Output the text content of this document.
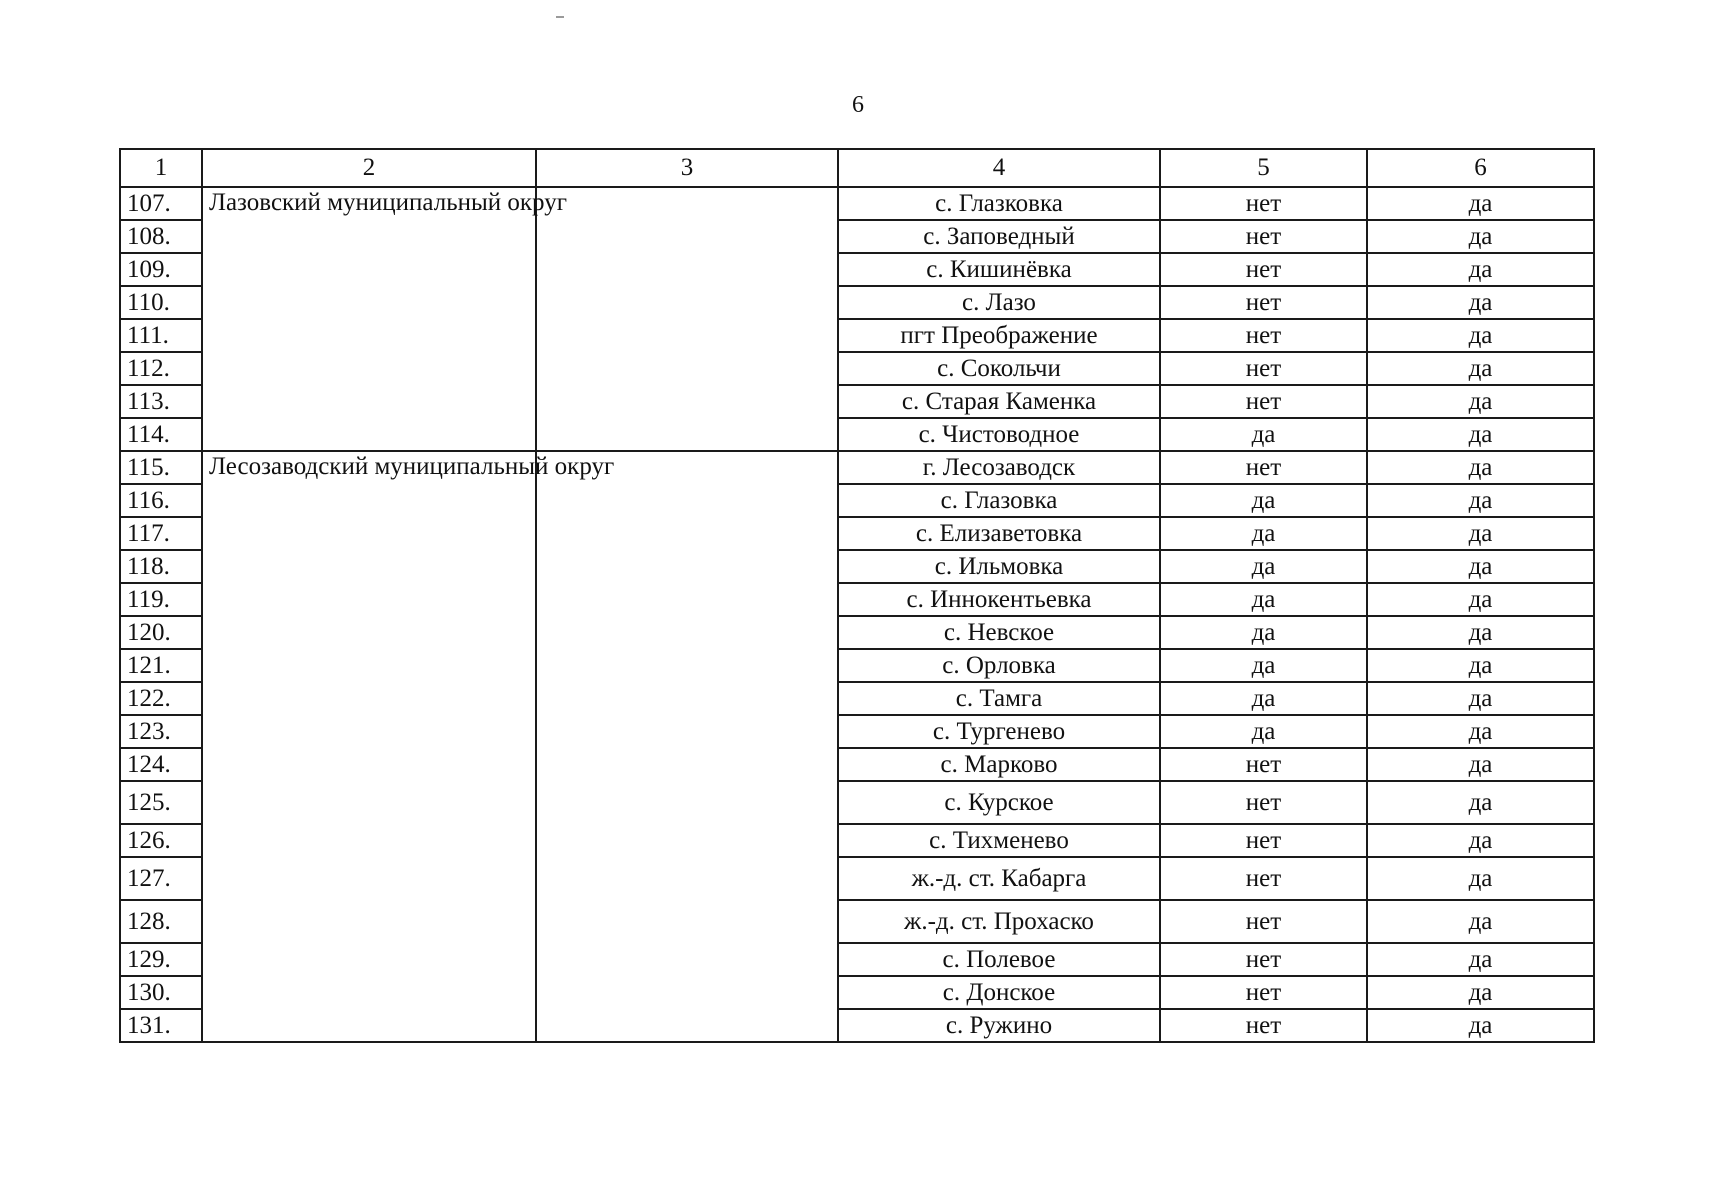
6
1	2	3	4	5	6
107.	Лазовский муниципальный округ		с. Глазковка	нет	да
108.			с. Заповедный	нет	да
109.			с. Кишинёвка	нет	да
110.			с. Лазо	нет	да
111.			пгт Преображение	нет	да
112.			с. Сокольчи	нет	да
113.			с. Старая Каменка	нет	да
114.			с. Чистоводное	да	да
115.	Лесозаводский муниципальный округ		г. Лесозаводск	нет	да
116.			с. Глазовка	да	да
117.			с. Елизаветовка	да	да
118.			с. Ильмовка	да	да
119.			с. Иннокентьевка	да	да
120.			с. Невское	да	да
121.			с. Орловка	да	да
122.			с. Тамга	да	да
123.			с. Тургенево	да	да
124.			с. Марково	нет	да
125.			с. Курское	нет	да
126.			с. Тихменево	нет	да
127.			ж.-д. ст. Кабарга	нет	да
128.			ж.-д. ст. Прохаско	нет	да
129.			с. Полевое	нет	да
130.			с. Донское	нет	да
131.			с. Ружино	нет	да
